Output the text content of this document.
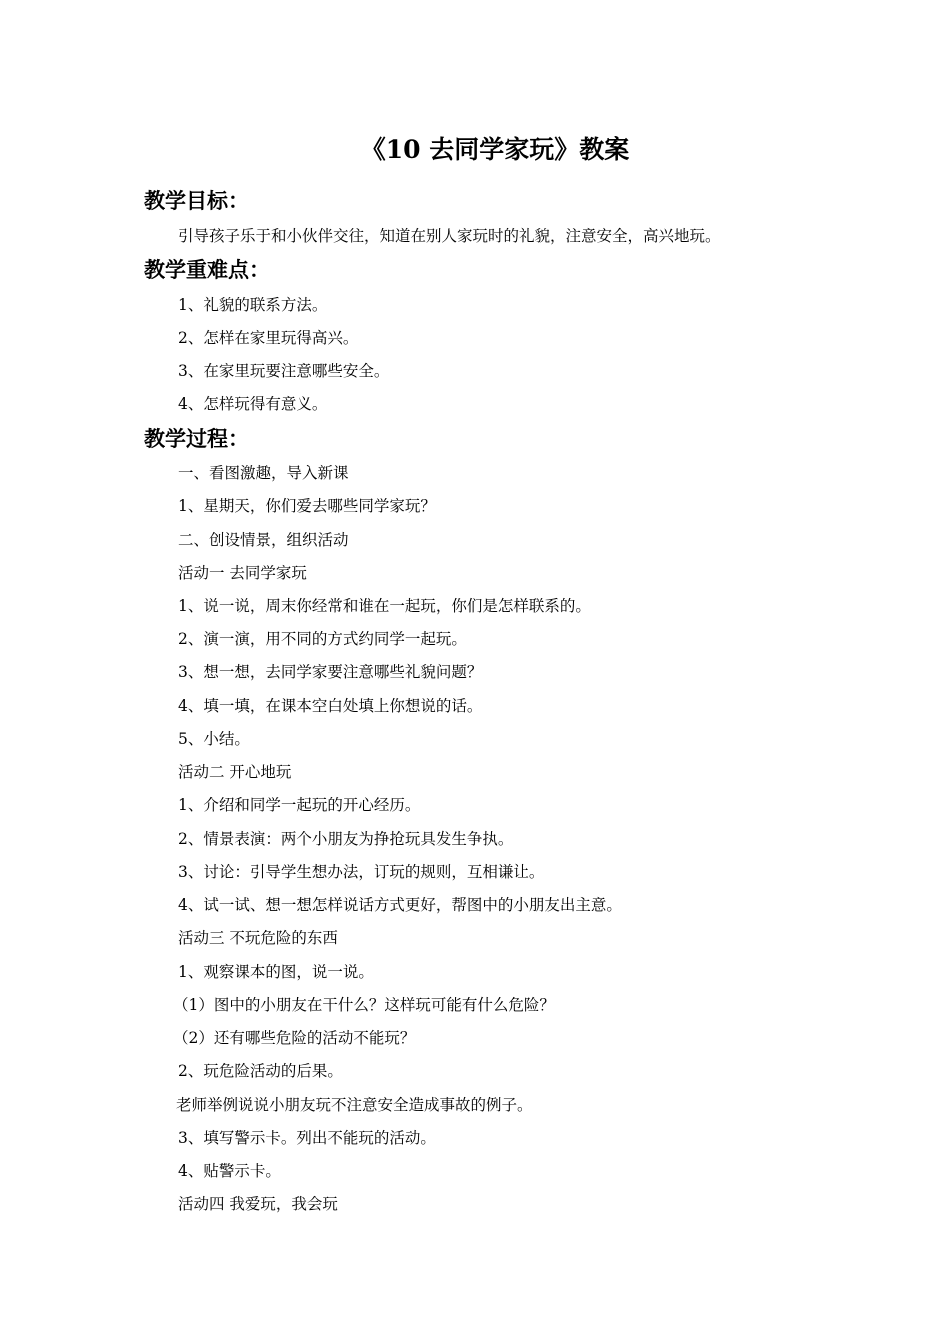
《10 去同学家玩》教案
教学目标：
引导孩子乐于和小伙伴交往，知道在别人家玩时的礼貌，注意安全，高兴地玩。
教学重难点：
1、礼貌的联系方法。
2、怎样在家里玩得高兴。
3、在家里玩要注意哪些安全。
4、怎样玩得有意义。
教学过程：
一、看图激趣，导入新课
1、星期天，你们爱去哪些同学家玩？
二、创设情景，组织活动
活动一 去同学家玩
1、说一说，周末你经常和谁在一起玩，你们是怎样联系的。
2、演一演，用不同的方式约同学一起玩。
3、想一想，去同学家要注意哪些礼貌问题？
4、填一填，在课本空白处填上你想说的话。
5、小结。
活动二 开心地玩
1、介绍和同学一起玩的开心经历。
2、情景表演：两个小朋友为挣抢玩具发生争执。
3、讨论：引导学生想办法，订玩的规则，互相谦让。
4、试一试、想一想怎样说话方式更好，帮图中的小朋友出主意。
活动三 不玩危险的东西
1、观察课本的图，说一说。
（1）图中的小朋友在干什么？这样玩可能有什么危险？
（2）还有哪些危险的活动不能玩？
2、玩危险活动的后果。
老师举例说说小朋友玩不注意安全造成事故的例子。
3、填写警示卡。列出不能玩的活动。
4、贴警示卡。
活动四 我爱玩，我会玩
